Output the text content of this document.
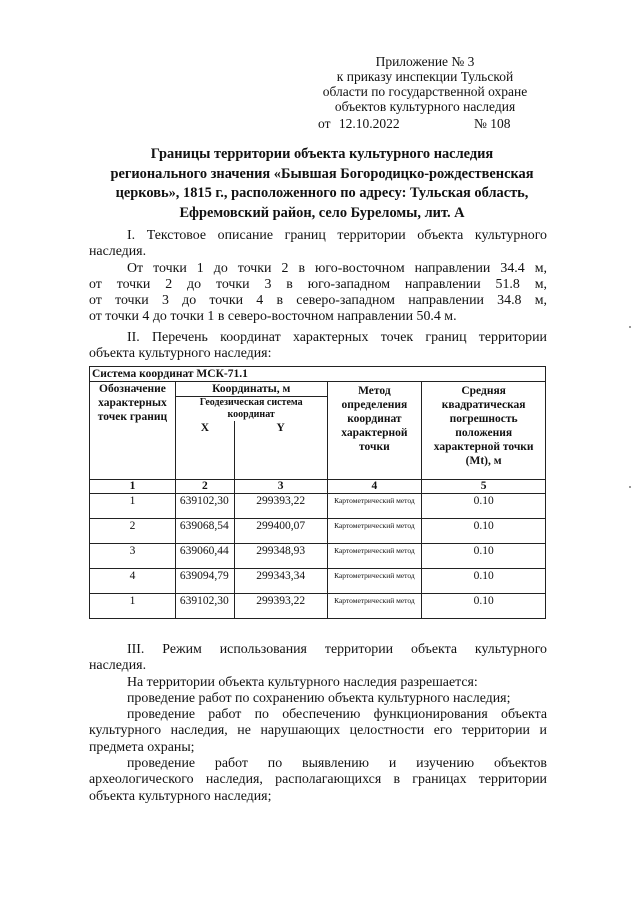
Приложение № 3
к приказу инспекции Тульской
области по государственной охране
объектов культурного наследия
от 12.10.2022	№ 108
Границы территории объекта культурного наследия
регионального значения «Бывшая Богородицко-рождественская
церковь», 1815 г., расположенного по адресу: Тульская область,
Ефремовский район, село Буреломы, лит. А
I. Текстовое описание границ территории объекта культурного
наследия.
От точки 1 до точки 2 в юго-восточном направлении 34.4 м,
от точки 2 до точки 3 в юго-западном направлении 51.8 м,
от точки 3 до точки 4 в северо-западном направлении 34.8 м,
от точки 4 до точки 1 в северо-восточном направлении 50.4 м.
II. Перечень координат характерных точек границ территории
объекта культурного наследия:
Система координат МСК-71.1				
Обозначение характерных точек границ	Координаты, м		Метод определения координат характерной точки	Средняя квадратическая погрешность положения характерной точки (Mt), м
	Геодезическая система координат			
	X	Y		
1	2	3	4	5
1	639102,30	299393,22	Картометрический метод	0.10
2	639068,54	299400,07	Картометрический метод	0.10
3	639060,44	299348,93	Картометрический метод	0.10
4	639094,79	299343,34	Картометрический метод	0.10
1	639102,30	299393,22	Картометрический метод	0.10
III. Режим использования территории объекта культурного
наследия.
На территории объекта культурного наследия разрешается:
проведение работ по сохранению объекта культурного наследия;
проведение работ по обеспечению функционирования объекта
культурного наследия, не нарушающих целостности его территории и
предмета охраны;
проведение работ по выявлению и изучению объектов
археологического наследия, располагающихся в границах территории
объекта культурного наследия;
